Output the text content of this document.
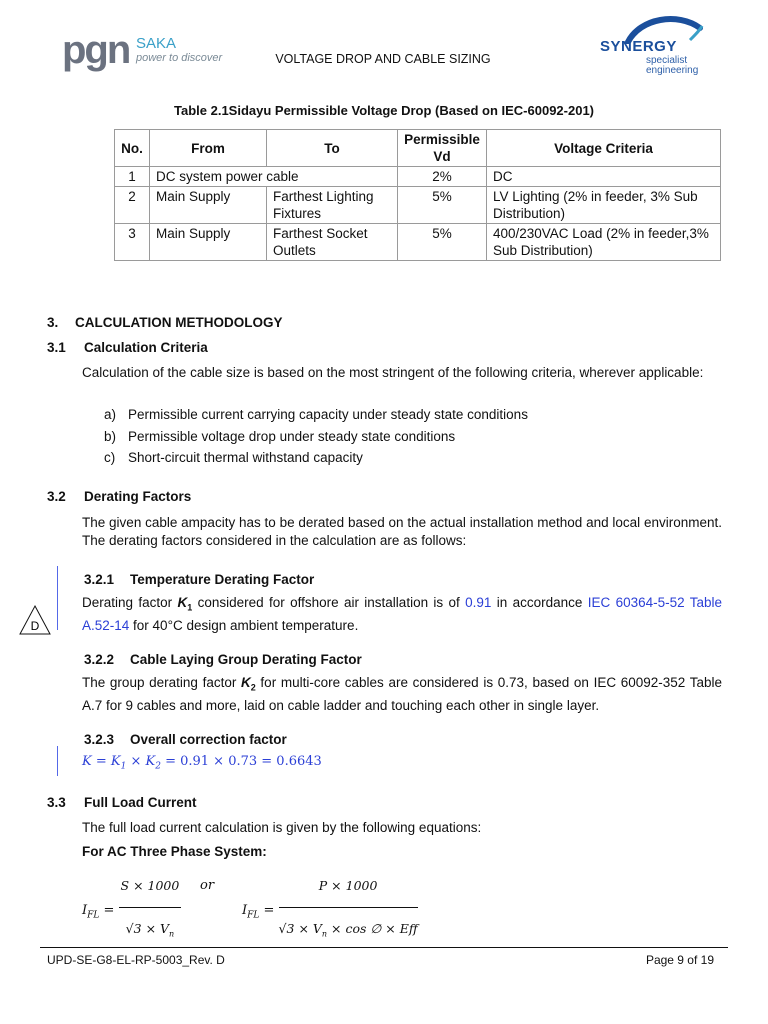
pgn SAKA
power to discover	VOLTAGE DROP AND CABLE SIZING
SYNERGY
specialist
engineering
Table 2.1Sidayu Permissible Voltage Drop (Based on IEC-60092-201)
No.	From	To	Permissible Vd	Voltage Criteria
1	DC system power cable		2%	DC
2	Main Supply	Farthest Lighting Fixtures	5%	LV Lighting (2% in feeder, 3% Sub Distribution)
3	Main Supply	Farthest Socket Outlets	5%	400/230VAC Load (2% in feeder,3% Sub Distribution)
3. CALCULATION METHODOLOGY
3.1 Calculation Criteria
Calculation of the cable size is based on the most stringent of the following criteria, wherever applicable:
a) Permissible current carrying capacity under steady state conditions
b) Permissible voltage drop under steady state conditions
c) Short-circuit thermal withstand capacity
3.2 Derating Factors
The given cable ampacity has to be derated based on the actual installation method and local environment. The derating factors considered in the calculation are as follows:
D
3.2.1 Temperature Derating Factor
Derating factor $K_1$ considered for offshore air installation is of 0.91 in accordance IEC 60364-5-52 Table A.52-14 for 40°C design ambient temperature.
3.2.2 Cable Laying Group Derating Factor
The group derating factor $K_2$ for multi-core cables are considered is 0.73, based on IEC 60092-352 Table A.7 for 9 cables and more, laid on cable ladder and touching each other in single layer.
3.2.3 Overall correction factor
$K = K_1 \times K_2 = 0.91 \times 0.73 = 0.6643$
3.3 Full Load Current
The full load current calculation is given by the following equations:
For AC Three Phase System:
$I_{FL} = \frac{S \times 1000}{√3 \times V_n}$ or
$I_{FL} = \frac{P \times 1000}{√3 \times V_n \times \cos \emptyset \times Eff}$
UPD-SE-G8-EL-RP-5003_Rev. D	Page 9 of 19
